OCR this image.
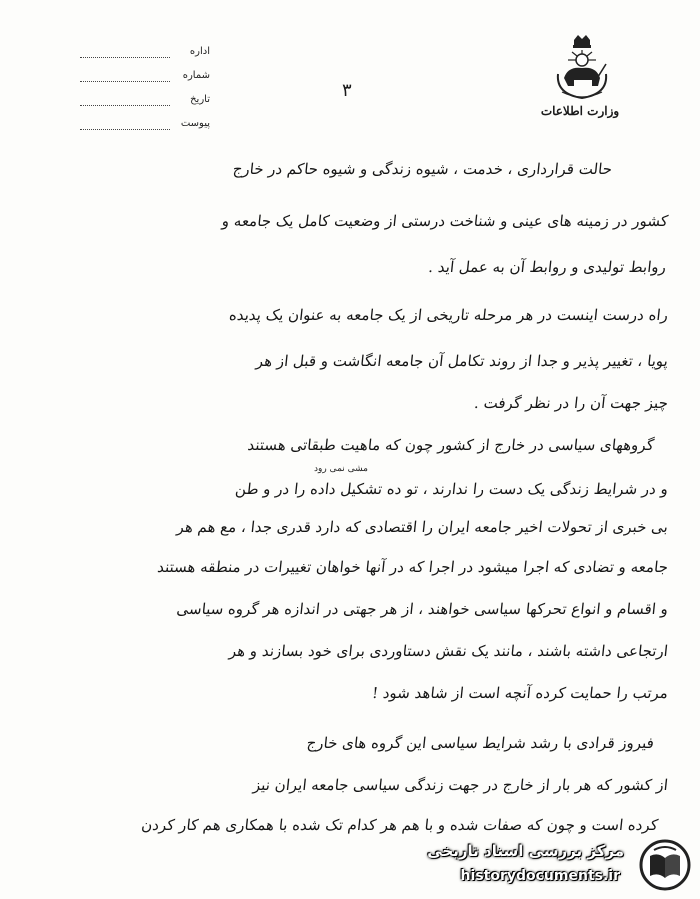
وزارت اطلاعات
۳
اداره
شماره
تاریخ
پیوست
حالت قرارداری ، خدمت ، شیوه زندگی و شیوه حاکم در خارج
کشور در زمینه های عینی و شناخت درستی از وضعیت کامل یک جامعه و
روابط تولیدی و روابط آن به عمل آید .
راه درست اینست در هر مرحله تاریخی از یک جامعه به عنوان یک پدیده
پویا ، تغییر پذیر و جدا از روند تکامل آن جامعه انگاشت و قبل از هر
چیز جهت آن را در نظر گرفت .
گروههای سیاسی در خارج از کشور چون که ماهیت طبقاتی هستند
و در شرایط زندگی یک دست را ندارند ، تو ده تشکیل داده را در و طن
بی خبری از تحولات اخیر جامعه ایران را اقتصادی که دارد قدری جدا ، مع هم هر
جامعه و تضادی که اجرا میشود در اجرا که در آنها خواهان تغییرات در منطقه هستند
و اقسام و انواع تحرکها سیاسی خواهند ، از هر جهتی در اندازه هر گروه سیاسی
ارتجاعی داشته باشند ، مانند یک نقش دستاوردی برای خود بسازند و هر
مرتب را حمایت کرده آنچه است از شاهد شود !
فیروز قرادی با رشد شرایط سیاسی این گروه های خارج
از کشور که هر بار از خارج در جهت زندگی سیاسی جامعه ایران نیز
کرده است و چون که صفات شده و با هم هر کدام تک شده با همکاری هم کار کردن
مشی نمی رود
مرکز بررسی اسناد تاریخی
historydocuments.ir
